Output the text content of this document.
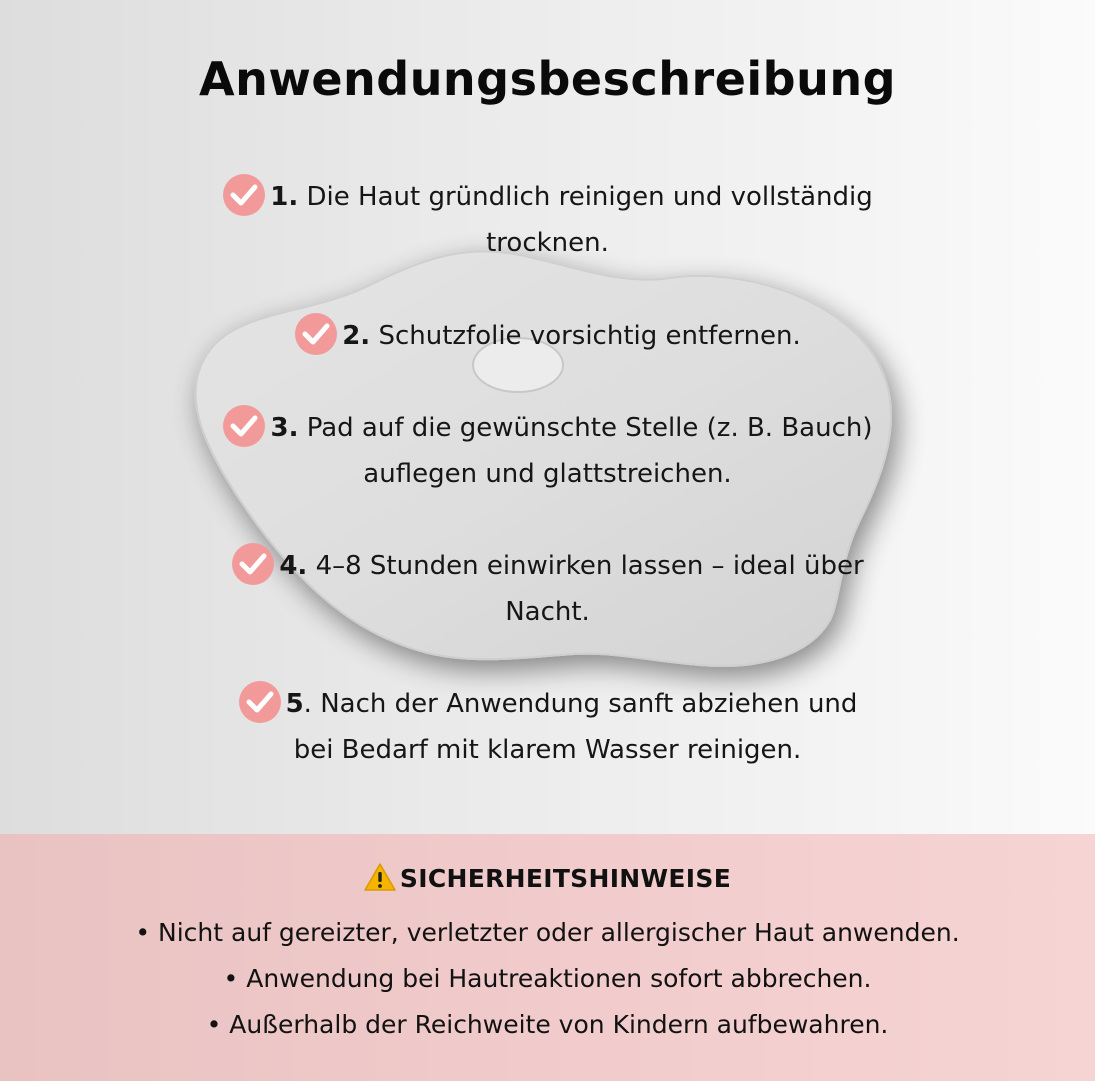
Anwendungsbeschreibung
1. Die Haut gründlich reinigen und vollständig
trocknen.
2. Schutzfolie vorsichtig entfernen.
3. Pad auf die gewünschte Stelle (z. B. Bauch)
auflegen und glattstreichen.
4. 4–8 Stunden einwirken lassen – ideal über
Nacht.
5. Nach der Anwendung sanft abziehen und
bei Bedarf mit klarem Wasser reinigen.
SICHERHEITSHINWEISE
• Nicht auf gereizter, verletzter oder allergischer Haut anwenden.
• Anwendung bei Hautreaktionen sofort abbrechen.
• Außerhalb der Reichweite von Kindern aufbewahren.
